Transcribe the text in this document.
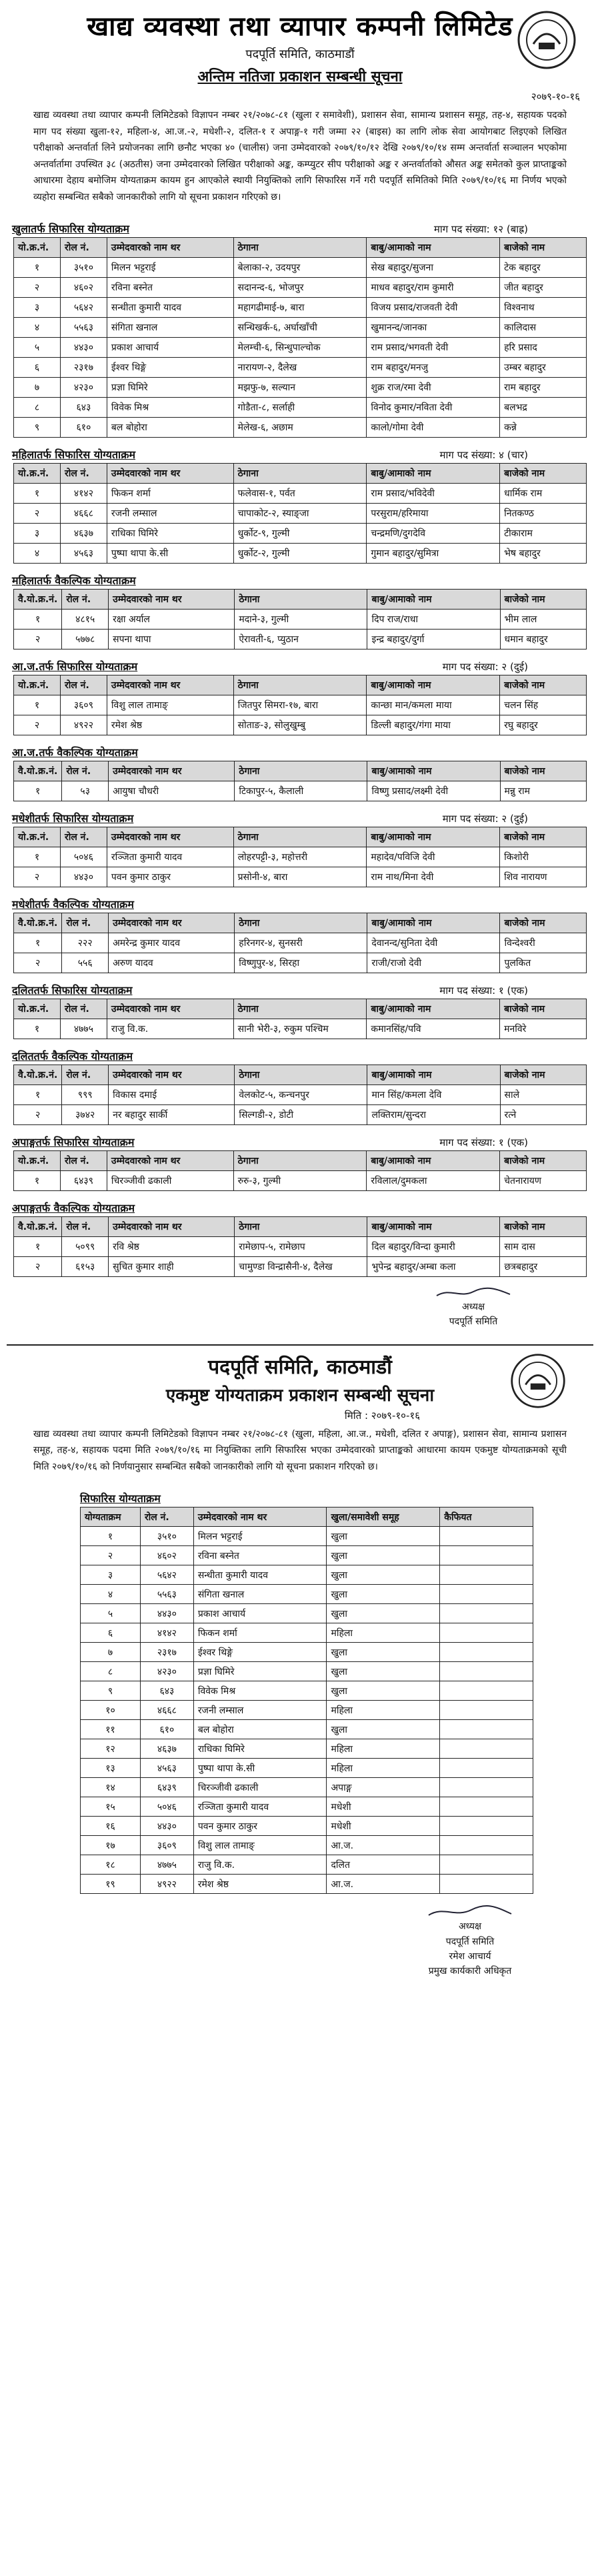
खाद्य व्यवस्था तथा व्यापार कम्पनी लिमिटेड
पदपूर्ति समिति, काठमाडौं
अन्तिम नतिजा प्रकाशन सम्बन्धी सूचना
२०७९-१०-१६

खाद्य व्यवस्था तथा व्यापार कम्पनी लिमिटेडको विज्ञापन नम्बर २१/२०७८-८१ (खुला र समावेशी), प्रशासन सेवा, सामान्य प्रशासन समूह, तह-४, सहायक पदको माग पद संख्या खुला-१२, महिला-४, आ.ज.-२, मधेशी-२, दलित-१ र अपाङ्ग-१ गरी जम्मा २२ (बाइस) का लागि लोक सेवा आयोगबाट लिइएको लिखित परीक्षाको अन्तर्वार्ता लिने प्रयोजनका लागि छनौट भएका ४० (चालीस) जना उम्मेदवारको २०७९/१०/१२ देखि २०७९/१०/१४ सम्म अन्तर्वार्ता सञ्चालन भएकोमा अन्तर्वार्तामा उपस्थित ३८ (अठतीस) जना उम्मेदवारको लिखित परीक्षाको अङ्क, कम्प्युटर सीप परीक्षाको अङ्क र अन्तर्वार्ताको औसत अङ्क समेतको कुल प्राप्ताङ्कको आधारमा देहाय बमोजिम योग्यताक्रम कायम हुन आएकोले स्थायी नियुक्तिको लागि सिफारिस गर्ने गरी पदपूर्ति समितिको मिति २०७९/१०/१६ मा निर्णय भएको व्यहोरा सम्बन्धित सबैको जानकारीको लागि यो सूचना प्रकाशन गरिएको छ।

खुलातर्फ सिफारिस योग्यताक्रम	माग पद संख्या: १२ (बाह्र)
यो.क्र.नं.	रोल नं.	उम्मेदवारको नाम थर	ठेगाना	बाबु/आमाको नाम	बाजेको नाम
१	३५१०	मिलन भट्टराई	बेलाका-२, उदयपुर	सेख बहादुर/सुजना	टेक बहादुर
२	४६०२	रविना बस्नेत	सदानन्द-६, भोजपुर	माधव बहादुर/राम कुमारी	जीत बहादुर
३	५६४२	सन्धीता कुमारी यादव	महागढीमाई-७, बारा	विजय प्रसाद/राजवती देवी	विश्वनाथ
४	५५६३	संगिता खनाल	सन्धिखर्क-६, अर्घाखाँची	खुमानन्द/जानका	कालिदास
५	४४३०	प्रकाश आचार्य	मेलम्ची-६, सिन्धुपाल्चोक	राम प्रसाद/भगवती देवी	हरि प्रसाद
६	२३१७	ईश्वर थिङ्गे	नारायण-२, दैलेख	राम बहादुर/मनजु	उम्बर बहादुर
७	४२३०	प्रज्ञा घिमिरे	मझफु-७, सल्यान	शुक्र राज/रमा देवी	राम बहादुर
८	६४३	विवेक मिश्र	गोडैता-८, सर्लाही	विनोद कुमार/नविता देवी	बलभद्र
९	६१०	बल बोहोरा	मेलेख-६, अछाम	कालो/गोमा देवी	कन्ने
महिलातर्फ सिफारिस योग्यताक्रम	माग पद संख्या: ४ (चार)
यो.क्र.नं.	रोल नं.	उम्मेदवारको नाम थर	ठेगाना	बाबु/आमाको नाम	बाजेको नाम
१	४१४२	फिकन शर्मा	फलेवास-१, पर्वत	राम प्रसाद/भविदेवी	धार्मिक राम
२	४६६८	रजनी लम्साल	चापाकोट-२, स्याङ्जा	परसुराम/हरिमाया	नितकण्ठ
३	४६३७	राधिका घिमिरे	धुर्कोट-९, गुल्मी	चन्द्रमणि/दुगदेवि	टीकाराम
४	४५६३	पुष्पा थापा के.सी	धुर्कोट-२, गुल्मी	गुमान बहादुर/सुमित्रा	भेष बहादुर
महिलातर्फ वैकल्पिक योग्यताक्रम
वै.यो.क्र.नं.	रोल नं.	उम्मेदवारको नाम थर	ठेगाना	बाबु/आमाको नाम	बाजेको नाम
१	४८१५	रक्षा अर्याल	मदाने-३, गुल्मी	दिप राज/राधा	भीम लाल
२	५७७८	सपना थापा	ऐरावती-६, प्युठान	इन्द्र बहादुर/दुर्गा	धमान बहादुर
आ.ज.तर्फ सिफारिस योग्यताक्रम	माग पद संख्या: २ (दुई)
यो.क्र.नं.	रोल नं.	उम्मेदवारको नाम थर	ठेगाना	बाबु/आमाको नाम	बाजेको नाम
१	३६०९	विशु लाल तामाङ्	जितपुर सिमरा-१७, बारा	कान्छा मान/कमला माया	चलन सिंह
२	४९२२	रमेश श्रेष्ठ	सोताङ-३, सोलुखुम्बु	डिल्ली बहादुर/गंगा माया	रघु बहादुर
आ.ज.तर्फ वैकल्पिक योग्यताक्रम
वै.यो.क्र.नं.	रोल नं.	उम्मेदवारको नाम थर	ठेगाना	बाबु/आमाको नाम	बाजेको नाम
१	५३	आयुषा चौधरी	टिकापुर-५, कैलाली	विष्णु प्रसाद/लक्ष्मी देवी	मन्नु राम
मधेशीतर्फ सिफारिस योग्यताक्रम	माग पद संख्या: २ (दुई)
यो.क्र.नं.	रोल नं.	उम्मेदवारको नाम थर	ठेगाना	बाबु/आमाको नाम	बाजेको नाम
१	५०४६	रञ्जिता कुमारी यादव	लोहरपट्टी-३, महोत्तरी	महादेव/पविजि देवी	किशोरी
२	४४३०	पवन कुमार ठाकुर	प्रसोनी-४, बारा	राम नाथ/मिना देवी	शिव नारायण
मधेशीतर्फ वैकल्पिक योग्यताक्रम
वै.यो.क्र.नं.	रोल नं.	उम्मेदवारको नाम थर	ठेगाना	बाबु/आमाको नाम	बाजेको नाम
१	२२२	अमरेन्द्र कुमार यादव	हरिनगर-४, सुनसरी	देवानन्द/सुनिता देवी	विन्देश्वरी
२	५५६	अरुण यादव	विष्णुपुर-४, सिरहा	राजी/राजो देवी	पुलकित
दलिततर्फ सिफारिस योग्यताक्रम	माग पद संख्या: १ (एक)
यो.क्र.नं.	रोल नं.	उम्मेदवारको नाम थर	ठेगाना	बाबु/आमाको नाम	बाजेको नाम
१	४७७५	राजु वि.क.	सानी भेरी-३, रुकुम पश्चिम	कमानसिंह/पवि	मनविरे
दलिततर्फ वैकल्पिक योग्यताक्रम
वै.यो.क्र.नं.	रोल नं.	उम्मेदवारको नाम थर	ठेगाना	बाबु/आमाको नाम	बाजेको नाम
१	९९९	विकास दमाई	वेलकोट-५, कन्चनपुर	मान सिंह/कमला देवि	साले
२	३७४२	नर बहादुर सार्की	सिल्गडी-२, डोटी	लक्तिराम/सुन्दरा	रत्ने
अपाङ्गतर्फ सिफारिस योग्यताक्रम	माग पद संख्या: १ (एक)
यो.क्र.नं.	रोल नं.	उम्मेदवारको नाम थर	ठेगाना	बाबु/आमाको नाम	बाजेको नाम
१	६४३९	चिरञ्जीवी ढकाली	रुरु-३, गुल्मी	रविलाल/दुमकला	चेतनारायण
अपाङ्गतर्फ वैकल्पिक योग्यताक्रम
वै.यो.क्र.नं.	रोल नं.	उम्मेदवारको नाम थर	ठेगाना	बाबु/आमाको नाम	बाजेको नाम
१	५०९९	रवि श्रेष्ठ	रामेछाप-५, रामेछाप	दिल बहादुर/विन्दा कुमारी	साम दास
२	६१५३	सुचित कुमार शाही	चामुण्डा विन्द्रासैनी-४, दैलेख	भुपेन्द्र बहादुर/अम्बा कला	छत्रबहादुर
अध्यक्ष
पदपूर्ति समिति
पदपूर्ति समिति, काठमाडौं
एकमुष्ट योग्यताक्रम प्रकाशन सम्बन्धी सूचना
मिति : २०७९-१०-१६

खाद्य व्यवस्था तथा व्यापार कम्पनी लिमिटेडको विज्ञापन नम्बर २१/२०७८-८१ (खुला, महिला, आ.ज., मधेशी, दलित र अपाङ्ग), प्रशासन सेवा, सामान्य प्रशासन समूह, तह-४, सहायक पदमा मिति २०७९/१०/१६ मा नियुक्तिका लागि सिफारिस भएका उम्मेदवारको प्राप्ताङ्कको आधारमा कायम एकमुष्ट योग्यताक्रमको सूची मिति २०७९/१०/१६ को निर्णयानुसार सम्बन्धित सबैको जानकारीको लागि यो सूचना प्रकाशन गरिएको छ।

सिफारिस योग्यताक्रम
योग्यताक्रम	रोल नं.	उम्मेदवारको नाम थर	खुला/समावेशी समूह	कैफियत
१	३५१०	मिलन भट्टराई	खुला	
२	४६०२	रविना बस्नेत	खुला	
३	५६४२	सन्धीता कुमारी यादव	खुला	
४	५५६३	संगिता खनाल	खुला	
५	४४३०	प्रकाश आचार्य	खुला	
६	४१४२	फिकन शर्मा	महिला	
७	२३१७	ईश्वर थिङ्गे	खुला	
८	४२३०	प्रज्ञा घिमिरे	खुला	
९	६४३	विवेक मिश्र	खुला	
१०	४६६८	रजनी लम्साल	महिला	
११	६१०	बल बोहोरा	खुला	
१२	४६३७	राधिका घिमिरे	महिला	
१३	४५६३	पुष्पा थापा के.सी	महिला	
१४	६४३९	चिरञ्जीवी ढकाली	अपाङ्ग	
१५	५०४६	रञ्जिता कुमारी यादव	मधेशी	
१६	४४३०	पवन कुमार ठाकुर	मधेशी	
१७	३६०९	विशु लाल तामाङ्	आ.ज.	
१८	४७७५	राजु वि.क.	दलित	
१९	४९२२	रमेश श्रेष्ठ	आ.ज.	
अध्यक्ष
पदपूर्ति समिति
रमेश आचार्य
प्रमुख कार्यकारी अधिकृत
